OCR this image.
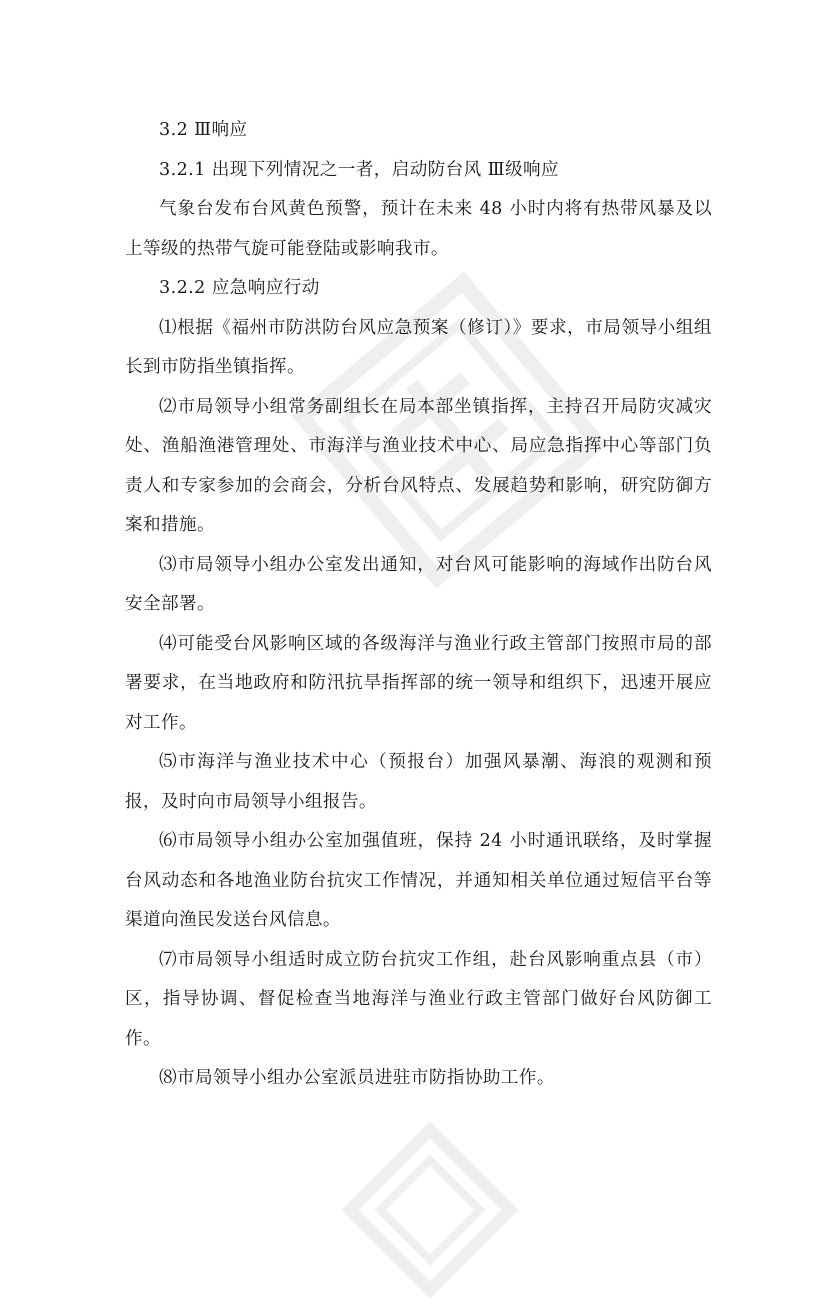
3.2 Ⅲ响应

3.2.1 出现下列情况之一者，启动防台风 Ⅲ级响应

气象台发布台风黄色预警，预计在未来 48 小时内将有热带风暴及以上等级的热带气旋可能登陆或影响我市。

3.2.2 应急响应行动

⑴根据《福州市防洪防台风应急预案（修订）》要求，市局领导小组组长到市防指坐镇指挥。

⑵市局领导小组常务副组长在局本部坐镇指挥，主持召开局防灾减灾处、渔船渔港管理处、市海洋与渔业技术中心、局应急指挥中心等部门负责人和专家参加的会商会，分析台风特点、发展趋势和影响，研究防御方案和措施。

⑶市局领导小组办公室发出通知，对台风可能影响的海域作出防台风安全部署。

⑷可能受台风影响区域的各级海洋与渔业行政主管部门按照市局的部署要求，在当地政府和防汛抗旱指挥部的统一领导和组织下，迅速开展应对工作。

⑸市海洋与渔业技术中心（预报台）加强风暴潮、海浪的观测和预报，及时向市局领导小组报告。

⑹市局领导小组办公室加强值班，保持 24 小时通讯联络，及时掌握台风动态和各地渔业防台抗灾工作情况，并通知相关单位通过短信平台等渠道向渔民发送台风信息。

⑺市局领导小组适时成立防台抗灾工作组，赴台风影响重点县（市）区，指导协调、督促检查当地海洋与渔业行政主管部门做好台风防御工作。

⑻市局领导小组办公室派员进驻市防指协助工作。
